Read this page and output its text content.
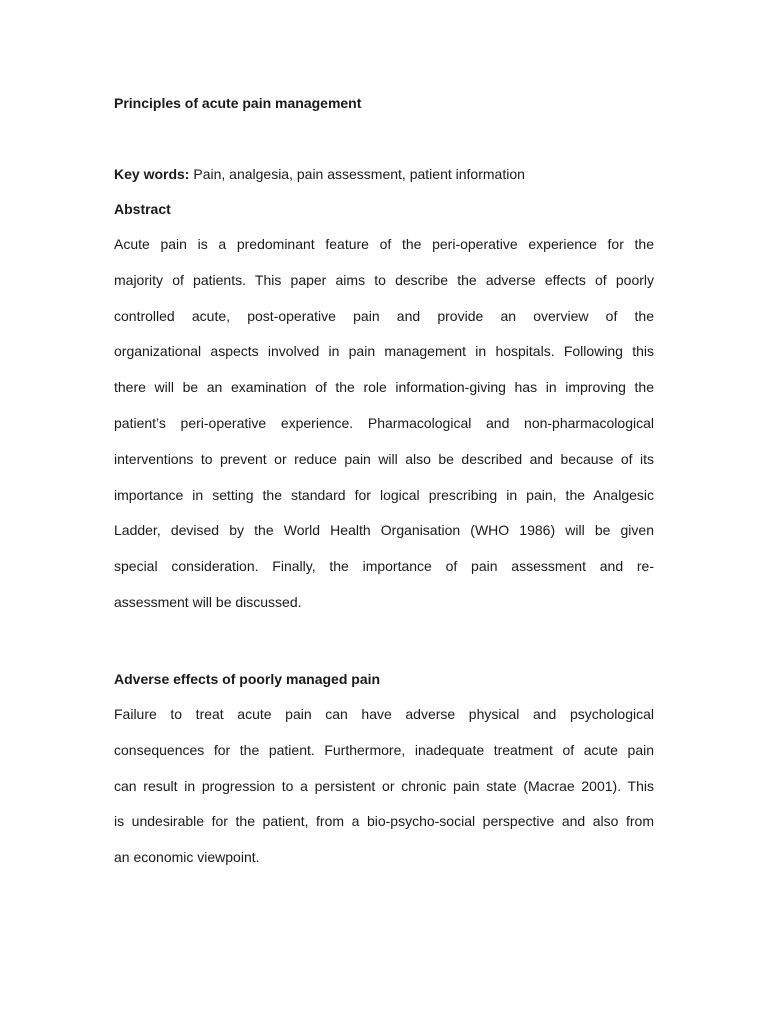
Principles of acute pain management
Key words: Pain, analgesia, pain assessment, patient information
Abstract
Acute pain is a predominant feature of the peri-operative experience for the
majority of patients. This paper aims to describe the adverse effects of poorly
controlled acute, post-operative pain and provide an overview of the
organizational aspects involved in pain management in hospitals. Following this
there will be an examination of the role information-giving has in improving the
patient’s peri-operative experience. Pharmacological and non-pharmacological
interventions to prevent or reduce pain will also be described and because of its
importance in setting the standard for logical prescribing in pain, the Analgesic
Ladder, devised by the World Health Organisation (WHO 1986) will be given
special consideration. Finally, the importance of pain assessment and re-
assessment will be discussed.
Adverse effects of poorly managed pain
Failure to treat acute pain can have adverse physical and psychological
consequences for the patient. Furthermore, inadequate treatment of acute pain
can result in progression to a persistent or chronic pain state (Macrae 2001). This
is undesirable for the patient, from a bio-psycho-social perspective and also from
an economic viewpoint.
